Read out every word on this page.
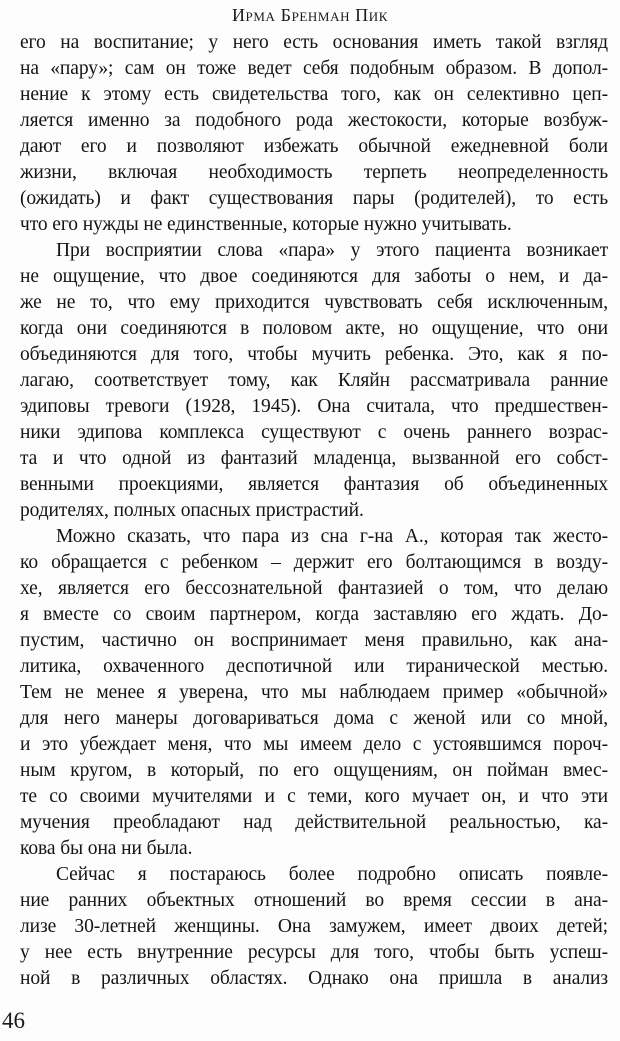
Ирма Бренман Пик
его на воспитание; у него есть основания иметь такой взгляд
на «пару»; сам он тоже ведет себя подобным образом. В допол-
нение к этому есть свидетельства того, как он селективно цеп-
ляется именно за подобного рода жестокости, которые возбуж-
дают его и позволяют избежать обычной ежедневной боли
жизни, включая необходимость терпеть неопределенность
(ожидать) и факт существования пары (родителей), то есть
что его нужды не единственные, которые нужно учитывать.
При восприятии слова «пара» у этого пациента возникает
не ощущение, что двое соединяются для заботы о нем, и да-
же не то, что ему приходится чувствовать себя исключенным,
когда они соединяются в половом акте, но ощущение, что они
объединяются для того, чтобы мучить ребенка. Это, как я по-
лагаю, соответствует тому, как Кляйн рассматривала ранние
эдиповы тревоги (1928, 1945). Она считала, что предшествен-
ники эдипова комплекса существуют с очень раннего возрас-
та и что одной из фантазий младенца, вызванной его собст-
венными проекциями, является фантазия об объединенных
родителях, полных опасных пристрастий.
Можно сказать, что пара из сна г-на А., которая так жесто-
ко обращается с ребенком – держит его болтающимся в возду-
хе, является его бессознательной фантазией о том, что делаю
я вместе со своим партнером, когда заставляю его ждать. До-
пустим, частично он воспринимает меня правильно, как ана-
литика, охваченного деспотичной или тиранической местью.
Тем не менее я уверена, что мы наблюдаем пример «обычной»
для него манеры договариваться дома с женой или со мной,
и это убеждает меня, что мы имеем дело с устоявшимся пороч-
ным кругом, в который, по его ощущениям, он пойман вмес-
те со своими мучителями и с теми, кого мучает он, и что эти
мучения преобладают над действительной реальностью, ка-
кова бы она ни была.
Сейчас я постараюсь более подробно описать появле-
ние ранних объектных отношений во время сессии в ана-
лизе 30-летней женщины. Она замужем, имеет двоих детей;
у нее есть внутренние ресурсы для того, чтобы быть успеш-
ной в различных областях. Однако она пришла в анализ
46
